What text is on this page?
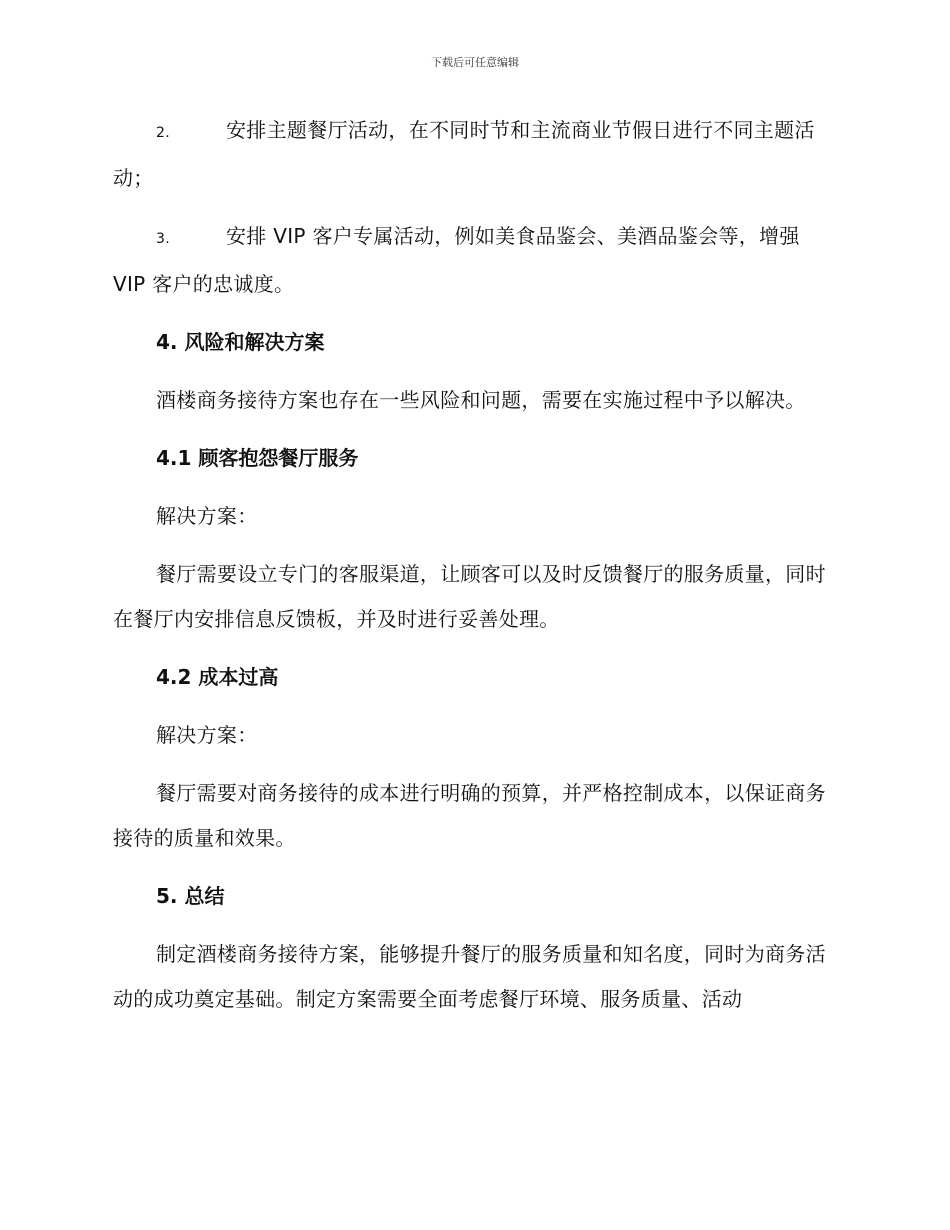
下载后可任意编辑

2.	安排主题餐厅活动，在不同时节和主流商业节假日进行不同主题活动；

3.	安排 VIP 客户专属活动，例如美食品鉴会、美酒品鉴会等，增强 VIP 客户的忠诚度。

4. 风险和解决方案

酒楼商务接待方案也存在一些风险和问题，需要在实施过程中予以解决。

4.1 顾客抱怨餐厅服务

解决方案：

餐厅需要设立专门的客服渠道，让顾客可以及时反馈餐厅的服务质量，同时在餐厅内安排信息反馈板，并及时进行妥善处理。

4.2 成本过高

解决方案：

餐厅需要对商务接待的成本进行明确的预算，并严格控制成本，以保证商务接待的质量和效果。

5. 总结

制定酒楼商务接待方案，能够提升餐厅的服务质量和知名度，同时为商务活动的成功奠定基础。制定方案需要全面考虑餐厅环境、服务质量、活动
